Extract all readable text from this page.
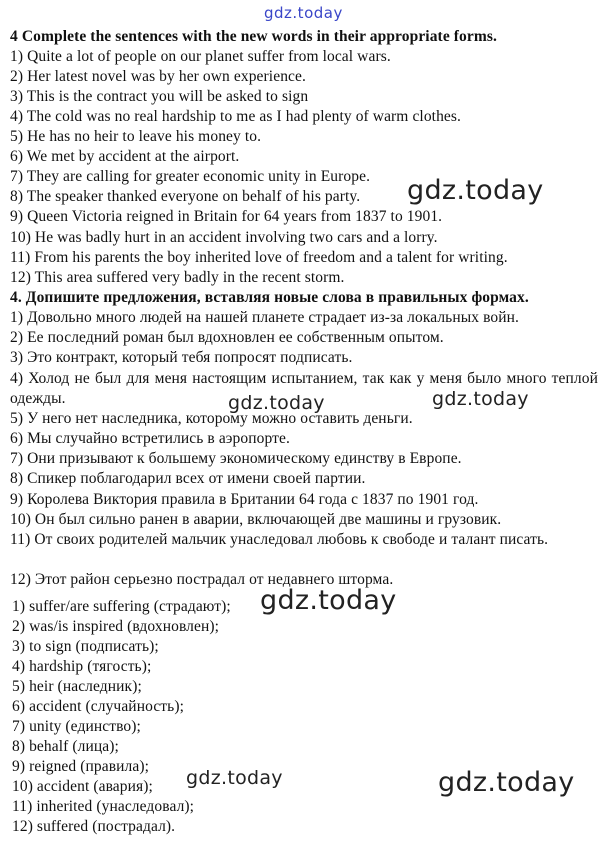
gdz.today
gdz.today
gdz.today	gdz.today
gdz.today
gdz.today	gdz.today
4 Complete the sentences with the new words in their appropriate forms.
1) Quite a lot of people on our planet suffer from local wars.
2) Her latest novel was by her own experience.
3) This is the contract you will be asked to sign
4) The cold was no real hardship to me as I had plenty of warm clothes.
5) He has no heir to leave his money to.
6) We met by accident at the airport.
7) They are calling for greater economic unity in Europe.
8) The speaker thanked everyone on behalf of his party.
9) Queen Victoria reigned in Britain for 64 years from 1837 to 1901.
10) He was badly hurt in an accident involving two cars and a lorry.
11) From his parents the boy inherited love of freedom and a talent for writing.
12) This area suffered very badly in the recent storm.
4. Допишите предложения, вставляя новые слова в правильных формах.
1) Довольно много людей на нашей планете страдает из-за локальных войн.
2) Ее последний роман был вдохновлен ее собственным опытом.
3) Это контракт, который тебя попросят подписать.
4) Холод не был для меня настоящим испытанием, так как у меня было много теплой одежды.
5) У него нет наследника, которому можно оставить деньги.
6) Мы случайно встретились в аэропорте.
7) Они призывают к большему экономическому единству в Европе.
8) Спикер поблагодарил всех от имени своей партии.
9) Королева Виктория правила в Британии 64 года с 1837 по 1901 год.
10) Он был сильно ранен в аварии, включающей две машины и грузовик.
11) От своих родителей мальчик унаследовал любовь к свободе и талант писать.
12) Этот район серьезно пострадал от недавнего шторма.
1) suffer/are suffering (страдают);
2) was/is inspired (вдохновлен);
3) to sign (подписать);
4) hardship (тягость);
5) heir (наследник);
6) accident (случайность);
7) unity (единство);
8) behalf (лица);
9) reigned (правила);
10) accident (авария);
11) inherited (унаследовал);
12) suffered (пострадал).
